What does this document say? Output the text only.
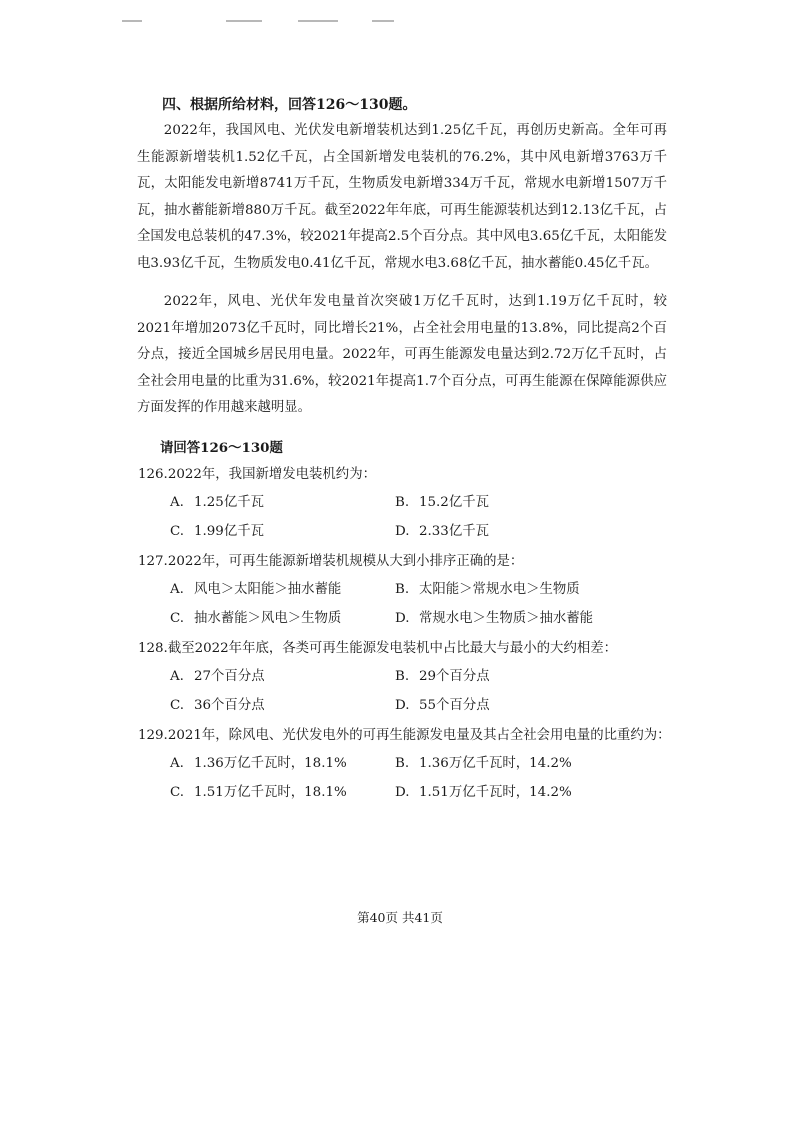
四、根据所给材料，回答126～130题。

2022年，我国风电、光伏发电新增装机达到1.25亿千瓦，再创历史新高。全年可再生能源新增装机1.52亿千瓦，占全国新增发电装机的76.2%，其中风电新增3763万千瓦，太阳能发电新增8741万千瓦，生物质发电新增334万千瓦，常规水电新增1507万千瓦，抽水蓄能新增880万千瓦。截至2022年年底，可再生能源装机达到12.13亿千瓦，占全国发电总装机的47.3%，较2021年提高2.5个百分点。其中风电3.65亿千瓦，太阳能发电3.93亿千瓦，生物质发电0.41亿千瓦，常规水电3.68亿千瓦，抽水蓄能0.45亿千瓦。

2022年，风电、光伏年发电量首次突破1万亿千瓦时，达到1.19万亿千瓦时，较2021年增加2073亿千瓦时，同比增长21%，占全社会用电量的13.8%，同比提高2个百分点，接近全国城乡居民用电量。2022年，可再生能源发电量达到2.72万亿千瓦时，占全社会用电量的比重为31.6%，较2021年提高1.7个百分点，可再生能源在保障能源供应方面发挥的作用越来越明显。

请回答126～130题
126.2022年，我国新增发电装机约为：
A. 1.25亿千瓦	B. 15.2亿千瓦
C. 1.99亿千瓦	D. 2.33亿千瓦
127.2022年，可再生能源新增装机规模从大到小排序正确的是：
A. 风电＞太阳能＞抽水蓄能	B. 太阳能＞常规水电＞生物质
C. 抽水蓄能＞风电＞生物质	D. 常规水电＞生物质＞抽水蓄能
128.截至2022年年底，各类可再生能源发电装机中占比最大与最小的大约相差：
A. 27个百分点	B. 29个百分点
C. 36个百分点	D. 55个百分点
129.2021年，除风电、光伏发电外的可再生能源发电量及其占全社会用电量的比重约为：
A. 1.36万亿千瓦时，18.1%	B. 1.36万亿千瓦时，14.2%
C. 1.51万亿千瓦时，18.1%	D. 1.51万亿千瓦时，14.2%
第40页 共41页
